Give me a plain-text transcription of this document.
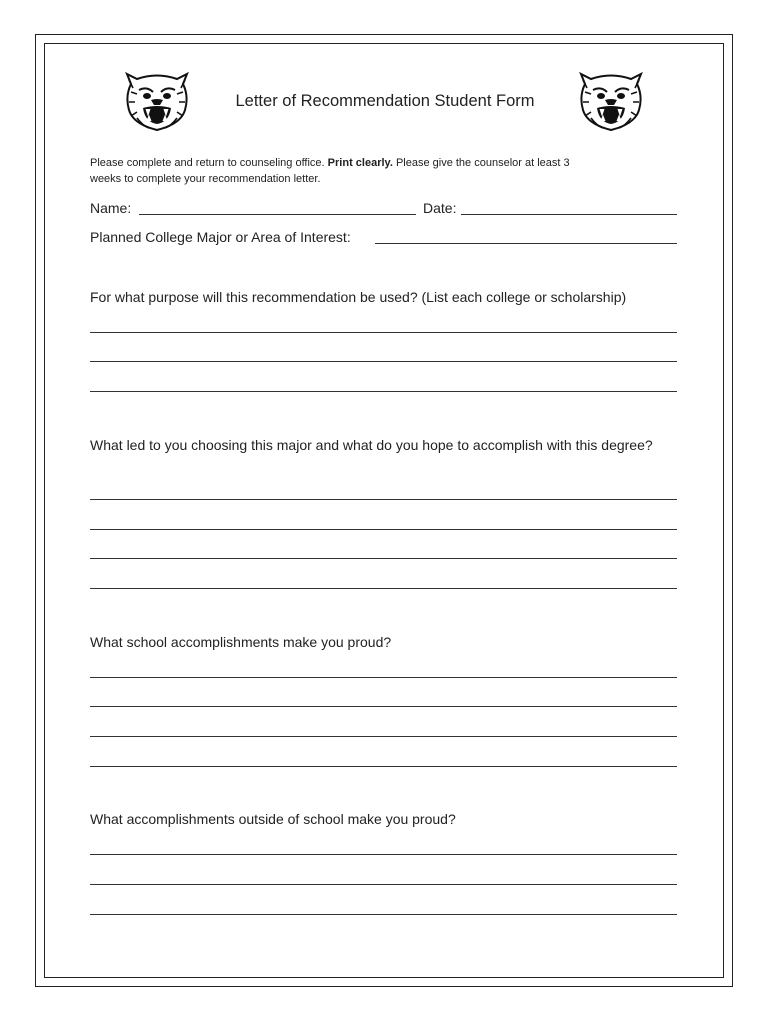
Letter of Recommendation Student Form
Please complete and return to counseling office. Print clearly. Please give the counselor at least 3
weeks to complete your recommendation letter.
Name:	Date:
Planned College Major or Area of Interest:
For what purpose will this recommendation be used? (List each college or scholarship)
What led to you choosing this major and what do you hope to accomplish with this degree?
What school accomplishments make you proud?
What accomplishments outside of school make you proud?
